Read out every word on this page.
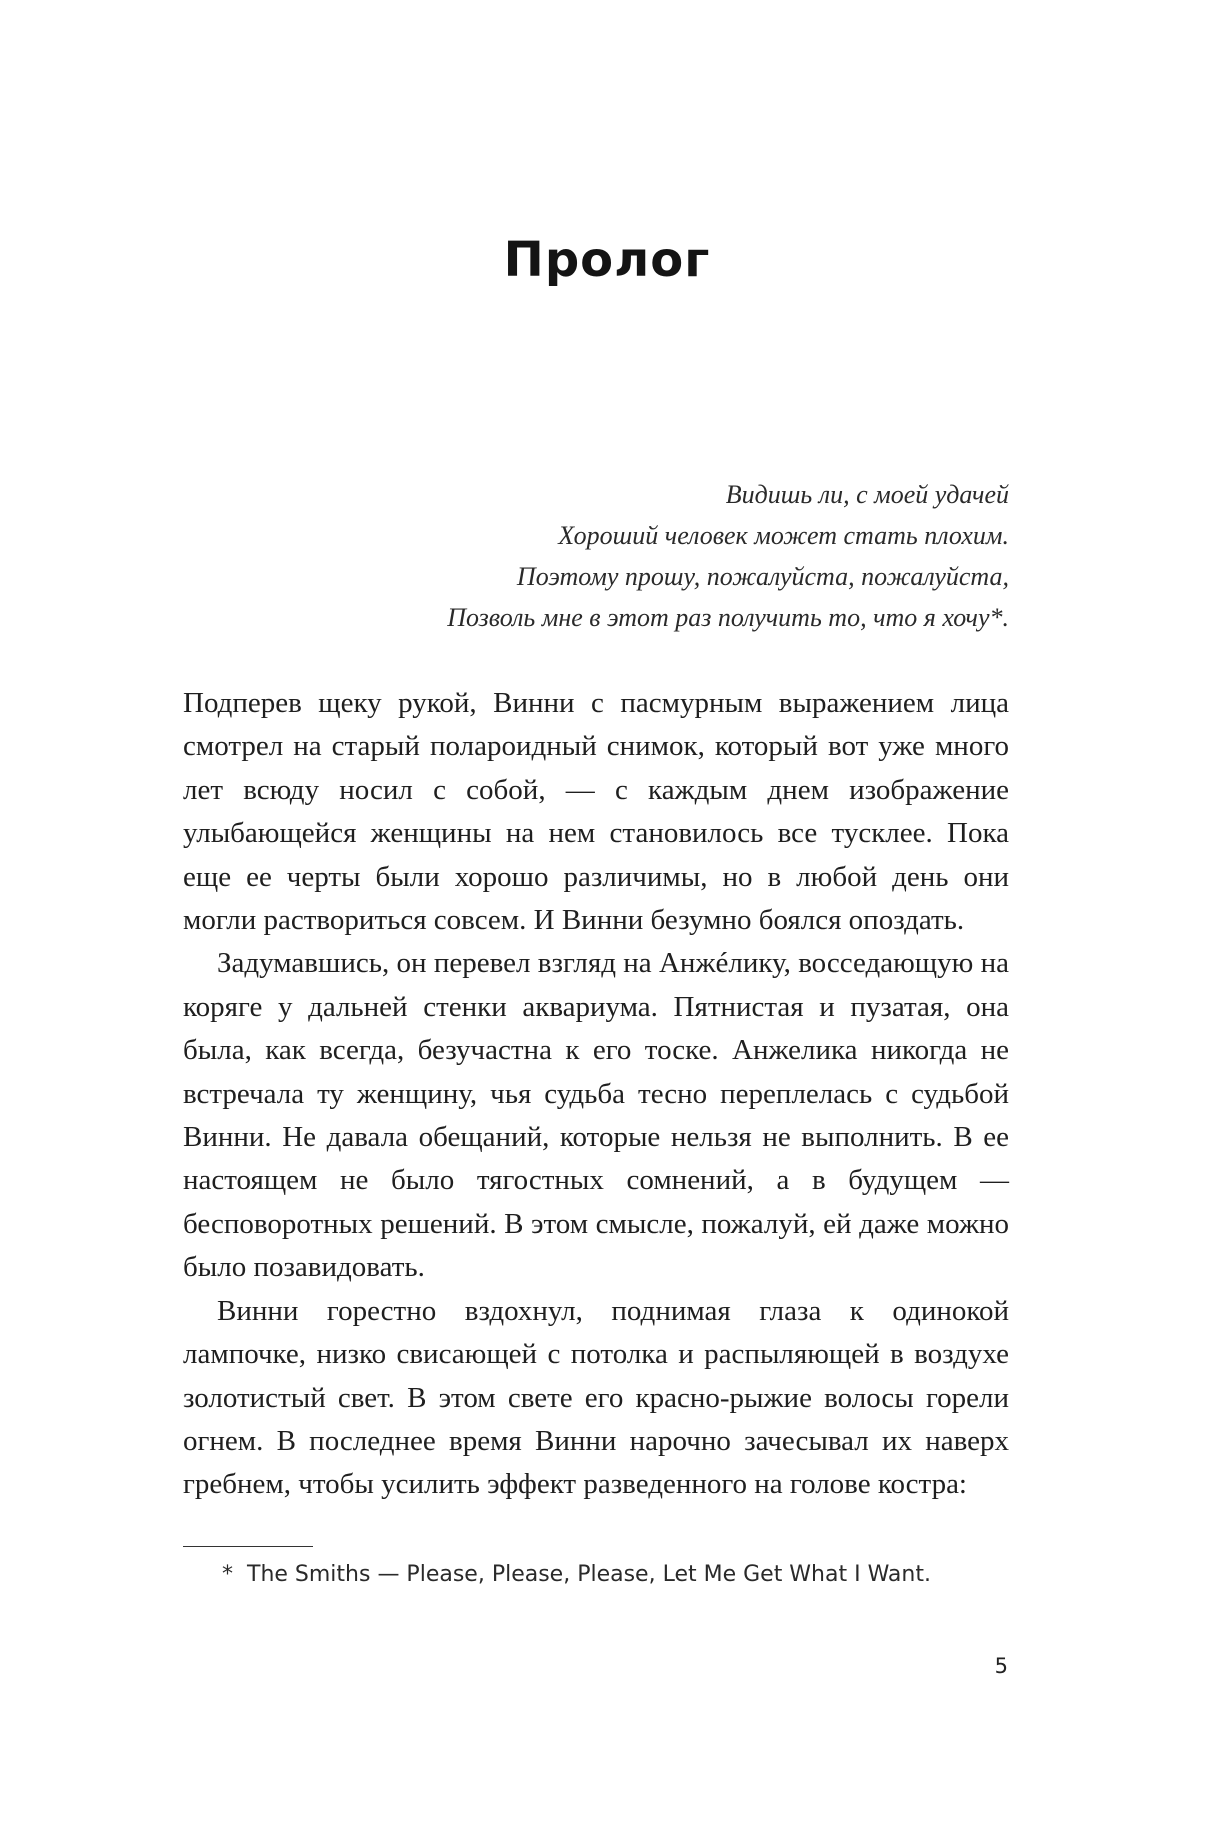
Пролог
Видишь ли, с моей удачей
Хороший человек может стать плохим.
Поэтому прошу, пожалуйста, пожалуйста,
Позволь мне в этот раз получить то, что я хочу*.

Подперев щеку рукой, Винни с пасмурным выражением лица смотрел на старый полароидный снимок, который вот уже много лет всюду носил с собой, — с каждым днем изображение улыбающейся женщины на нем становилось все тусклее. Пока еще ее черты были хорошо различимы, но в любой день они могли раствориться совсем. И Винни безумно боялся опоздать.

Задумавшись, он перевел взгляд на Анжéлику, восседающую на коряге у дальней стенки аквариума. Пятнистая и пузатая, она была, как всегда, безучастна к его тоске. Анжелика никогда не встречала ту женщину, чья судьба тесно переплелась с судьбой Винни. Не давала обещаний, которые нельзя не выполнить. В ее настоящем не было тягостных сомнений, а в будущем — бесповоротных решений. В этом смысле, пожалуй, ей даже можно было позавидовать.

Винни горестно вздохнул, поднимая глаза к одинокой лампочке, низко свисающей с потолка и распыляющей в воздухе золотистый свет. В этом свете его красно-рыжие волосы горели огнем. В последнее время Винни нарочно зачесывал их наверх гребнем, чтобы усилить эффект разведенного на голове костра:

* The Smiths — Please, Please, Please, Let Me Get What I Want.
5
